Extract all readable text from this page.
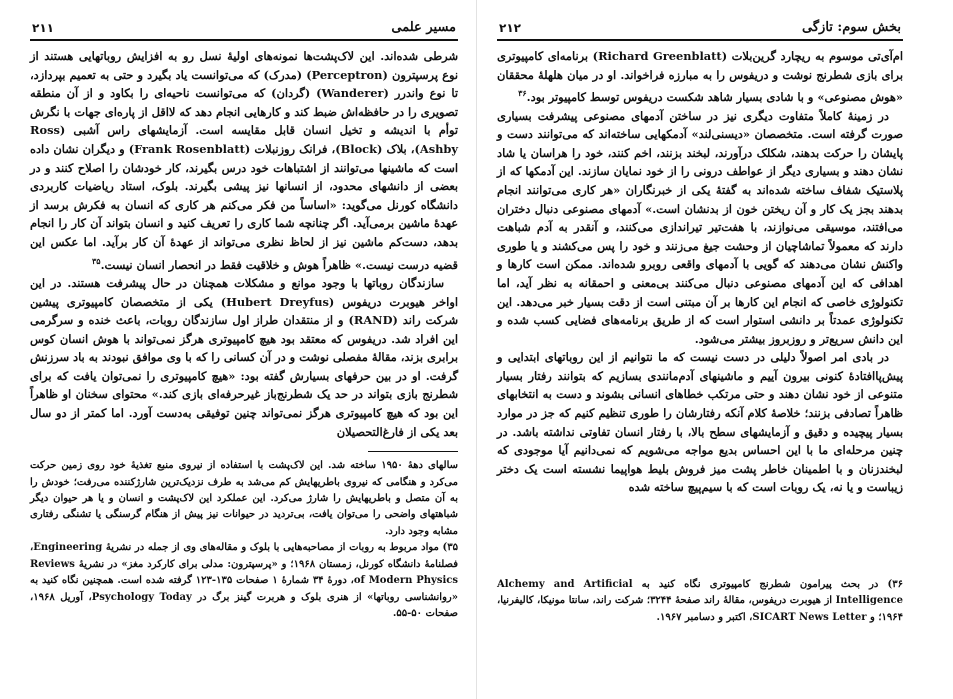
مسیر علمی
۲۱۱

شرطی شده‌اند. این لاک‌پشت‌ها نمونه‌های اولیهٔ نسل رو به افزایش روباتهایی هستند از نوع پرسپترون (Perceptron) (مدرک) که می‌توانست یاد بگیرد و حتی به تعمیم بپردازد، تا نوع واندرر (Wanderer) (گردان) که می‌توانست ناحیه‌ای را بکاود و از آن منطقه تصویری را در حافظه‌اش ضبط کند و کارهایی انجام دهد که لااقل از پاره‌ای جهات با نگرش توأم با اندیشه و تخیل انسان قابل مقایسه است. آزمایشهای راس آشبی (Ross Ashby)، بلاک (Block)، فرانک روزنبلات (Frank Rosenblatt) و دیگران نشان داده است که ماشینها می‌توانند از اشتباهات خود درس بگیرند، کار خودشان را اصلاح کنند و در بعضی از دانشهای محدود، از انسانها نیز پیشی بگیرند. بلوک، استاد ریاضیات کاربردی دانشگاه کورنل می‌گوید: «اساساً من فکر می‌کنم هر کاری که انسان به فکرش برسد از عهدهٔ ماشین برمی‌آید. اگر چنانچه شما کاری را تعریف کنید و انسان بتواند آن کار را انجام بدهد، دست‌کم ماشین نیز از لحاظ نظری می‌تواند از عهدهٔ آن کار برآید. اما عکس این قضیه درست نیست.» ظاهراً هوش و خلاقیت فقط در انحصار انسان نیست.$^{۳۵}$

سازندگان روباتها با وجود موانع و مشکلات همچنان در حال پیشرفت هستند. در این اواخر هیوبرت دریفوس (Hubert Dreyfus) یکی از متخصصان کامپیوتری پیشین شرکت راند (RAND) و از منتقدان طراز اول سازندگان روبات، باعث خنده و سرگرمی این افراد شد. دریفوس که معتقد بود هیچ کامپیوتری هرگز نمی‌تواند با هوش انسان کوس برابری بزند، مقالهٔ مفصلی نوشت و در آن کسانی را که با وی موافق نبودند به باد سرزنش گرفت. او در بین حرفهای بسیارش گفته بود: «هیچ کامپیوتری را نمی‌توان یافت که برای شطرنج بازی بتواند در حد یک شطرنج‌باز غیرحرفه‌ای بازی کند.» محتوای سخنان او ظاهراً این بود که هیچ کامپیوتری هرگز نمی‌تواند چنین توفیقی به‌دست آورد. اما کمتر از دو سال بعد یکی از فارغ‌التحصیلان

سالهای دههٔ ۱۹۵۰ ساخته شد. این لاک‌پشت با استفاده از نیروی منبع تغذیهٔ خود روی زمین حرکت می‌کرد و هنگامی که نیروی باطریهایش کم می‌شد به طرف نزدیک‌ترین شارژکننده می‌رفت؛ خودش را به آن متصل و باطریهایش را شارژ می‌کرد. این عملکرد این لاک‌پشت و انسان و یا هر حیوان دیگر شباهتهای واضحی را می‌توان یافت، بی‌تردید در حیوانات نیز پیش از هنگام گرسنگی یا تشنگی رفتاری مشابه وجود دارد.

۳۵) مواد مربوط به روبات از مصاحبه‌هایی با بلوک و مقاله‌های وی از جمله در نشریهٔ Engineering، فصلنامهٔ دانشگاه کورنل، زمستان ۱۹۶۸؛ و «پرسپترون: مدلی برای کارکرد مغز» در نشریهٔ Reviews of Modern Physics، دورهٔ ۳۴ شمارهٔ ۱ صفحات ۱۳۵-۱۲۳ گرفته شده است. همچنین نگاه کنید به «روانشناسی روباتها» از هنری بلوک و هربرت گینز برگ در Psychology Today، آوریل ۱۹۶۸، صفحات ۵۰-۵۵.

بخش سوم: تازگی
۲۱۲

ام‌آی‌تی موسوم به ریچارد گرین‌بلات (Richard Greenblatt) برنامه‌ای کامپیوتری برای بازی شطرنج نوشت و دریفوس را به مبارزه فراخواند. او در میان هلهلهٔ محققان «هوش مصنوعی» و با شادی بسیار شاهد شکست دریفوس توسط کامپیوتر بود.$^{۳۶}$

در زمینهٔ کاملاً متفاوت دیگری نیز در ساختن آدمهای مصنوعی پیشرفت بسیاری صورت گرفته است. متخصصان «دیسنی‌لند» آدمکهایی ساخته‌اند که می‌توانند دست و پایشان را حرکت بدهند، شکلک درآورند، لبخند بزنند، اخم کنند، خود را هراسان یا شاد نشان دهند و بسیاری دیگر از عواطف درونی را از خود نمایان سازند. این آدمکها که از پلاستیک شفاف ساخته شده‌اند به گفتهٔ یکی از خبرنگاران «هر کاری می‌توانند انجام بدهند بجز یک کار و آن ریختن خون از بدنشان است.» آدمهای مصنوعی دنبال دختران می‌افتند، موسیقی می‌نوازند، با هفت‌تیر تیراندازی می‌کنند، و آنقدر به آدم شباهت دارند که معمولاً تماشاچیان از وحشت جیغ می‌زنند و خود را پس می‌کشند و یا طوری واکنش نشان می‌دهند که گویی با آدمهای واقعی روبرو شده‌اند. ممکن است کارها و اهدافی که این آدمهای مصنوعی دنبال می‌کنند بی‌معنی و احمقانه به نظر آید، اما تکنولوژی خاصی که انجام این کارها بر آن مبتنی است از دقت بسیار خبر می‌دهد. این تکنولوژی عمدتاً بر دانشی استوار است که از طریق برنامه‌های فضایی کسب شده و این دانش سریع‌تر و روزبروز بیشتر می‌شود.

در بادی امر اصولاً دلیلی در دست نیست که ما نتوانیم از این روباتهای ابتدایی و پیش‌پاافتادهٔ کنونی بیرون آییم و ماشینهای آدم‌مانندی بسازیم که بتوانند رفتار بسیار متنوعی از خود نشان دهند و حتی مرتکب خطاهای انسانی بشوند و دست به انتخابهای ظاهراً تصادفی بزنند؛ خلاصهٔ کلام آنکه رفتارشان را طوری تنظیم کنیم که جز در موارد بسیار پیچیده و دقیق و آزمایشهای سطح بالا، با رفتار انسان تفاوتی نداشته باشد. در چنین مرحله‌ای ما با این احساس بدیع مواجه می‌شویم که نمی‌دانیم آیا موجودی که لبخندزنان و با اطمینان خاطر پشت میز فروش بلیط هواپیما نشسته است یک دختر زیباست و یا نه، یک روبات است که با سیم‌پیچ ساخته شده

۳۶) در بحث پیرامون شطرنج کامپیوتری نگاه کنید به Alchemy and Artificial Intelligence از هیوبرت دریفوس، مقالهٔ راند صفحهٔ ۳۲۴۴؛ شرکت راند، سانتا مونیکا، کالیفرنیا، ۱۹۶۴؛ و SICART News Letter، اکتبر و دسامبر ۱۹۶۷.
